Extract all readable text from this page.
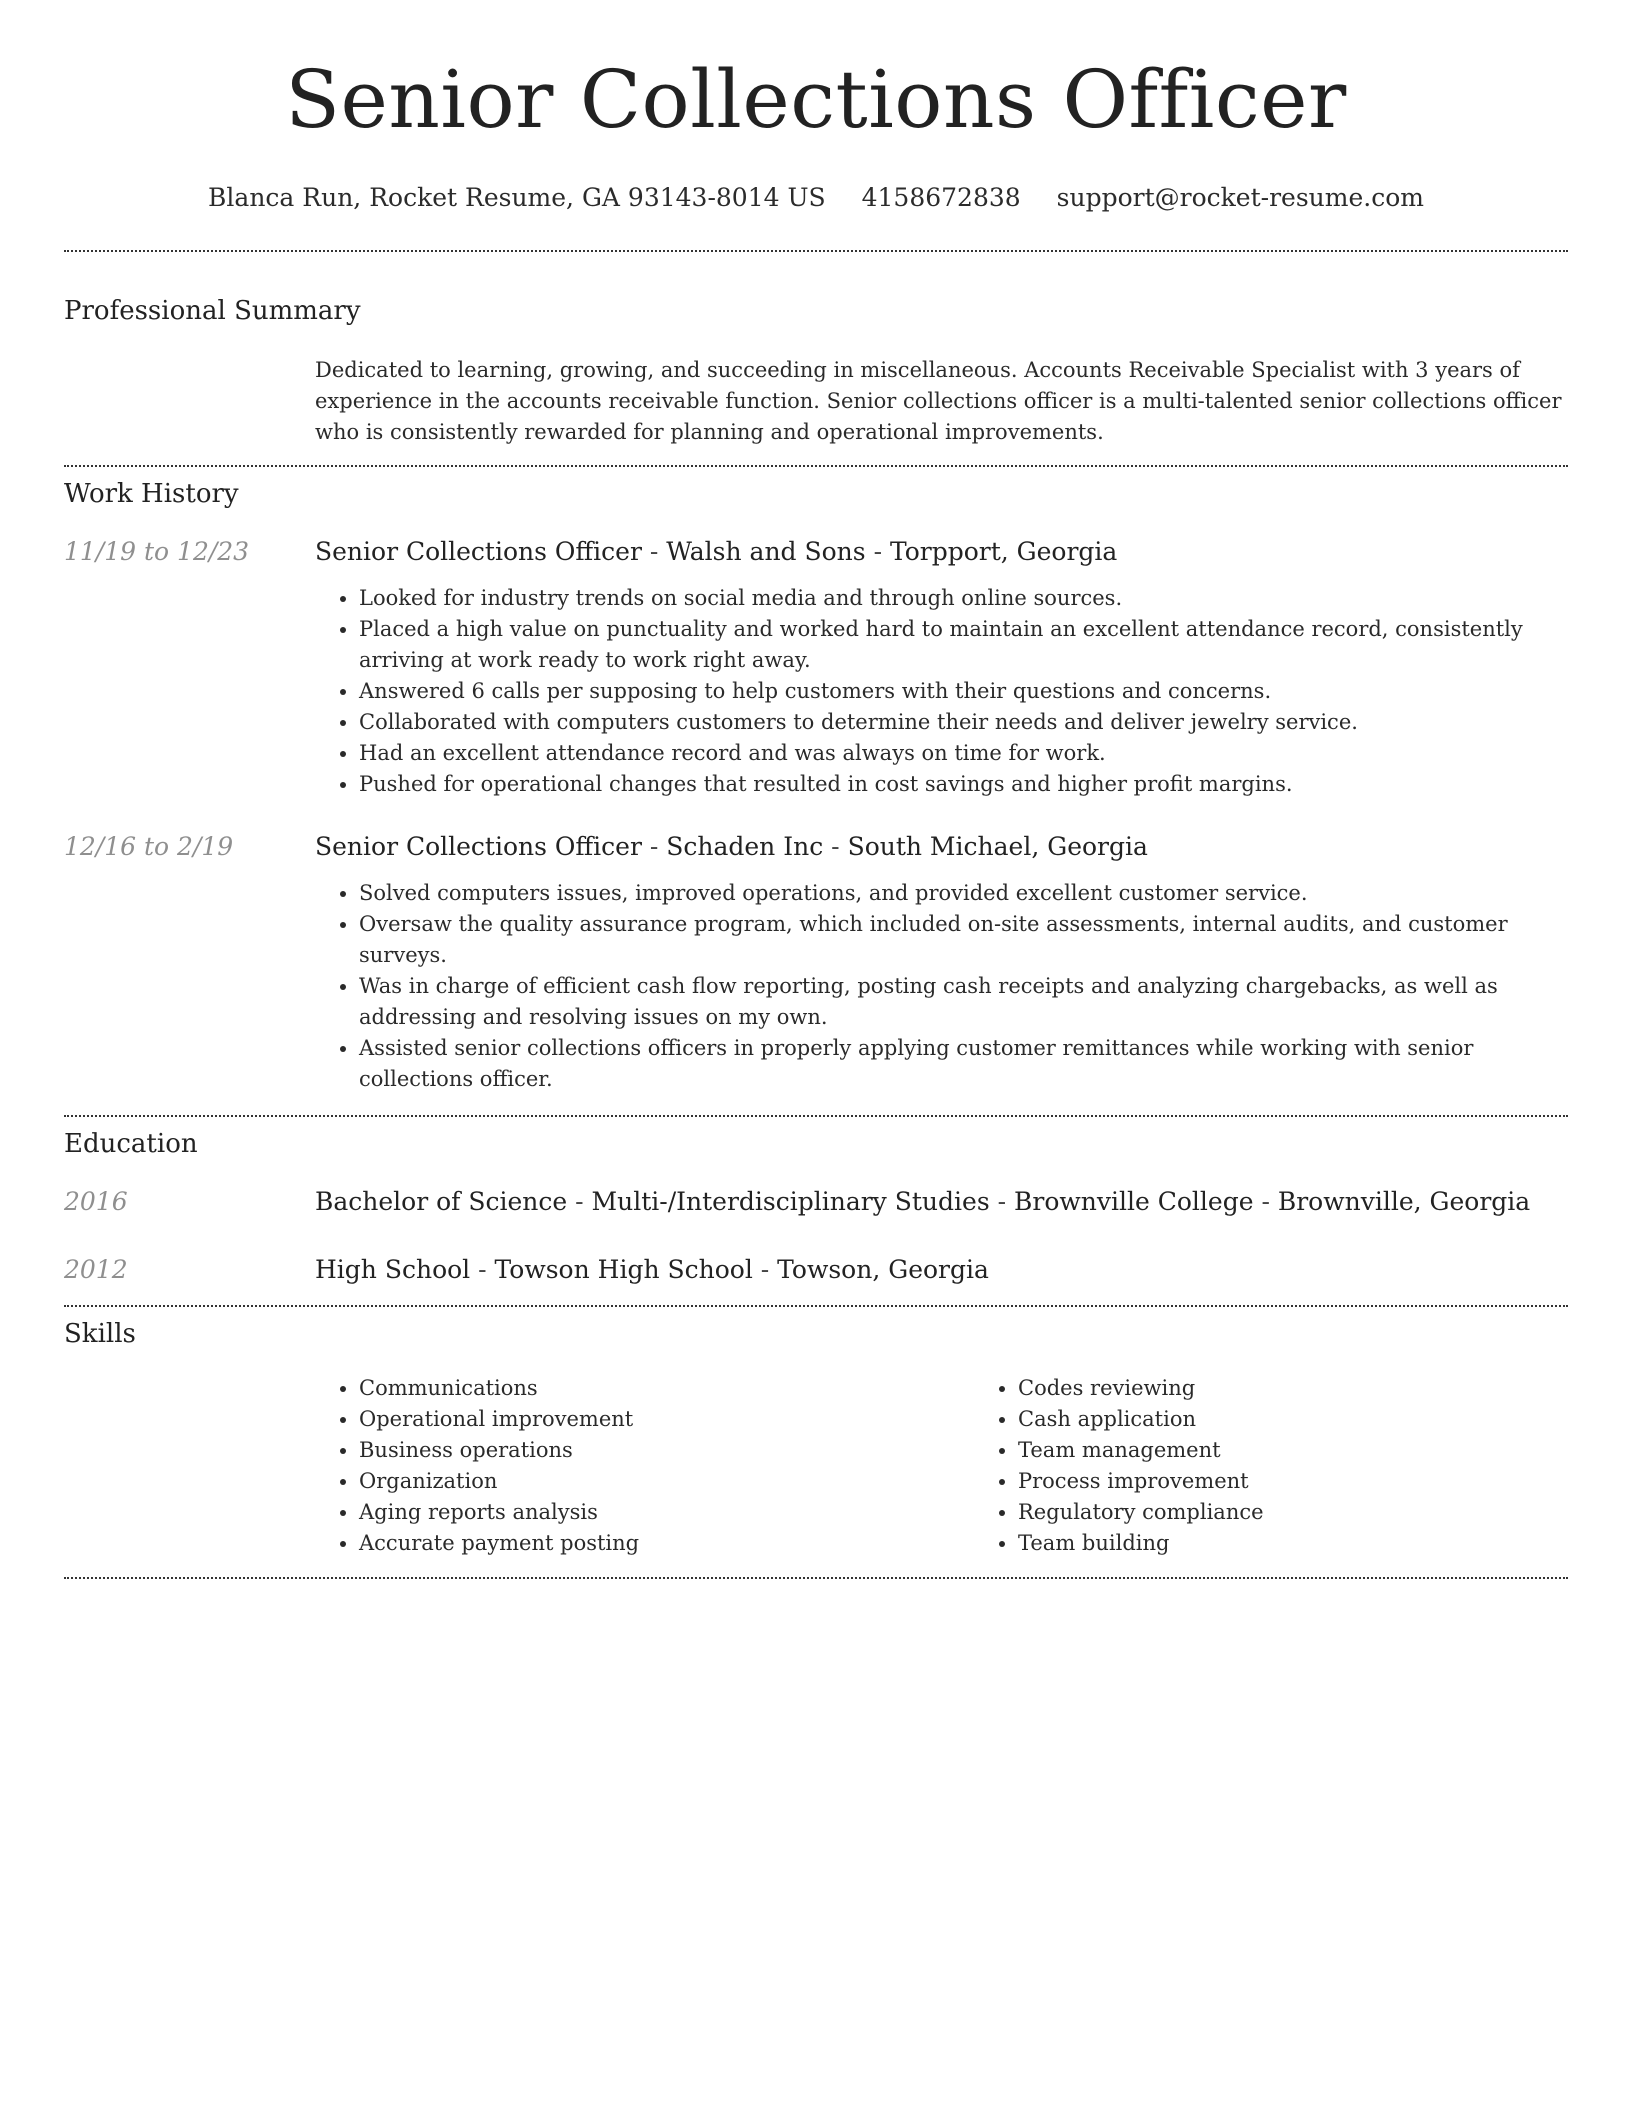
Senior Collections Officer
Blanca Run, Rocket Resume, GA 93143-8014 US 4158672838 support@rocket-resume.com
Professional Summary
Dedicated to learning, growing, and succeeding in miscellaneous. Accounts Receivable Specialist with 3 years of experience in the accounts receivable function. Senior collections officer is a multi-talented senior collections officer who is consistently rewarded for planning and operational improvements.
Work History
11/19 to 12/23	Senior Collections Officer - Walsh and Sons - Torpport, Georgia
• Looked for industry trends on social media and through online sources.
• Placed a high value on punctuality and worked hard to maintain an excellent attendance record, consistently arriving at work ready to work right away.
• Answered 6 calls per supposing to help customers with their questions and concerns.
• Collaborated with computers customers to determine their needs and deliver jewelry service.
• Had an excellent attendance record and was always on time for work.
• Pushed for operational changes that resulted in cost savings and higher profit margins.
12/16 to 2/19	Senior Collections Officer - Schaden Inc - South Michael, Georgia
• Solved computers issues, improved operations, and provided excellent customer service.
• Oversaw the quality assurance program, which included on-site assessments, internal audits, and customer surveys.
• Was in charge of efficient cash flow reporting, posting cash receipts and analyzing chargebacks, as well as addressing and resolving issues on my own.
• Assisted senior collections officers in properly applying customer remittances while working with senior collections officer.
Education
2016	Bachelor of Science - Multi-/Interdisciplinary Studies - Brownville College - Brownville, Georgia
2012	High School - Towson High School - Towson, Georgia
Skills
• Communications
• Operational improvement
• Business operations
• Organization
• Aging reports analysis
• Accurate payment posting
• Codes reviewing
• Cash application
• Team management
• Process improvement
• Regulatory compliance
• Team building
